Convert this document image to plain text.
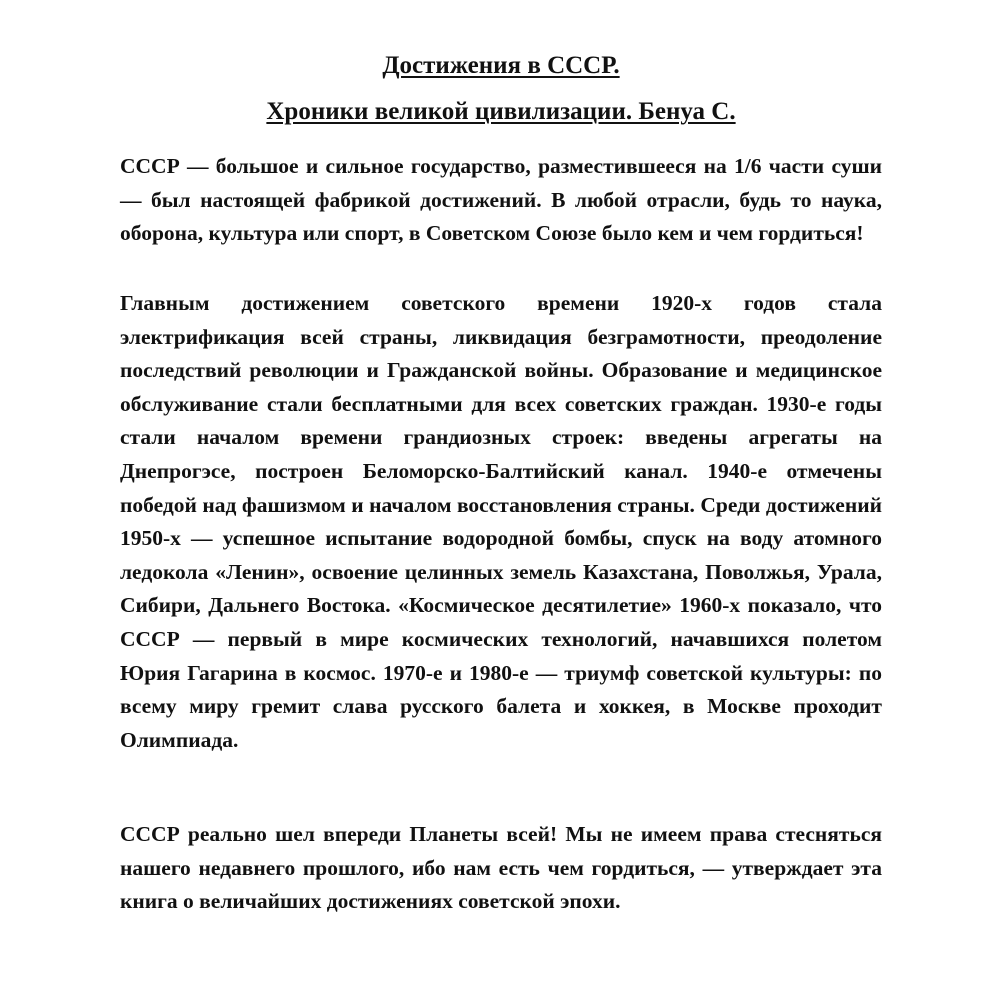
Достижения в СССР.
Хроники великой цивилизации. Бенуа С.

СССР — большое и сильное государство, разместившееся на 1/6 части суши — был настоящей фабрикой достижений. В любой отрасли, будь то наука, оборона, культура или спорт, в Советском Союзе было кем и чем гордиться!

Главным достижением советского времени 1920-х годов стала электрификация всей страны, ликвидация безграмотности, преодоление последствий революции и Гражданской войны. Образование и медицинское обслуживание стали бесплатными для всех советских граждан. 1930-е годы стали началом времени грандиозных строек: введены агрегаты на Днепрогэсе, построен Беломорско-Балтийский канал. 1940-е отмечены победой над фашизмом и началом восстановления страны. Среди достижений 1950-х — успешное испытание водородной бомбы, спуск на воду атомного ледокола «Ленин», освоение целинных земель Казахстана, Поволжья, Урала, Сибири, Дальнего Востока. «Космическое десятилетие» 1960-х показало, что СССР — первый в мире космических технологий, начавшихся полетом Юрия Гагарина в космос. 1970-е и 1980-е — триумф советской культуры: по всему миру гремит слава русского балета и хоккея, в Москве проходит Олимпиада.

СССР реально шел впереди Планеты всей! Мы не имеем права стесняться нашего недавнего прошлого, ибо нам есть чем гордиться, — утверждает эта книга о величайших достижениях советской эпохи.
